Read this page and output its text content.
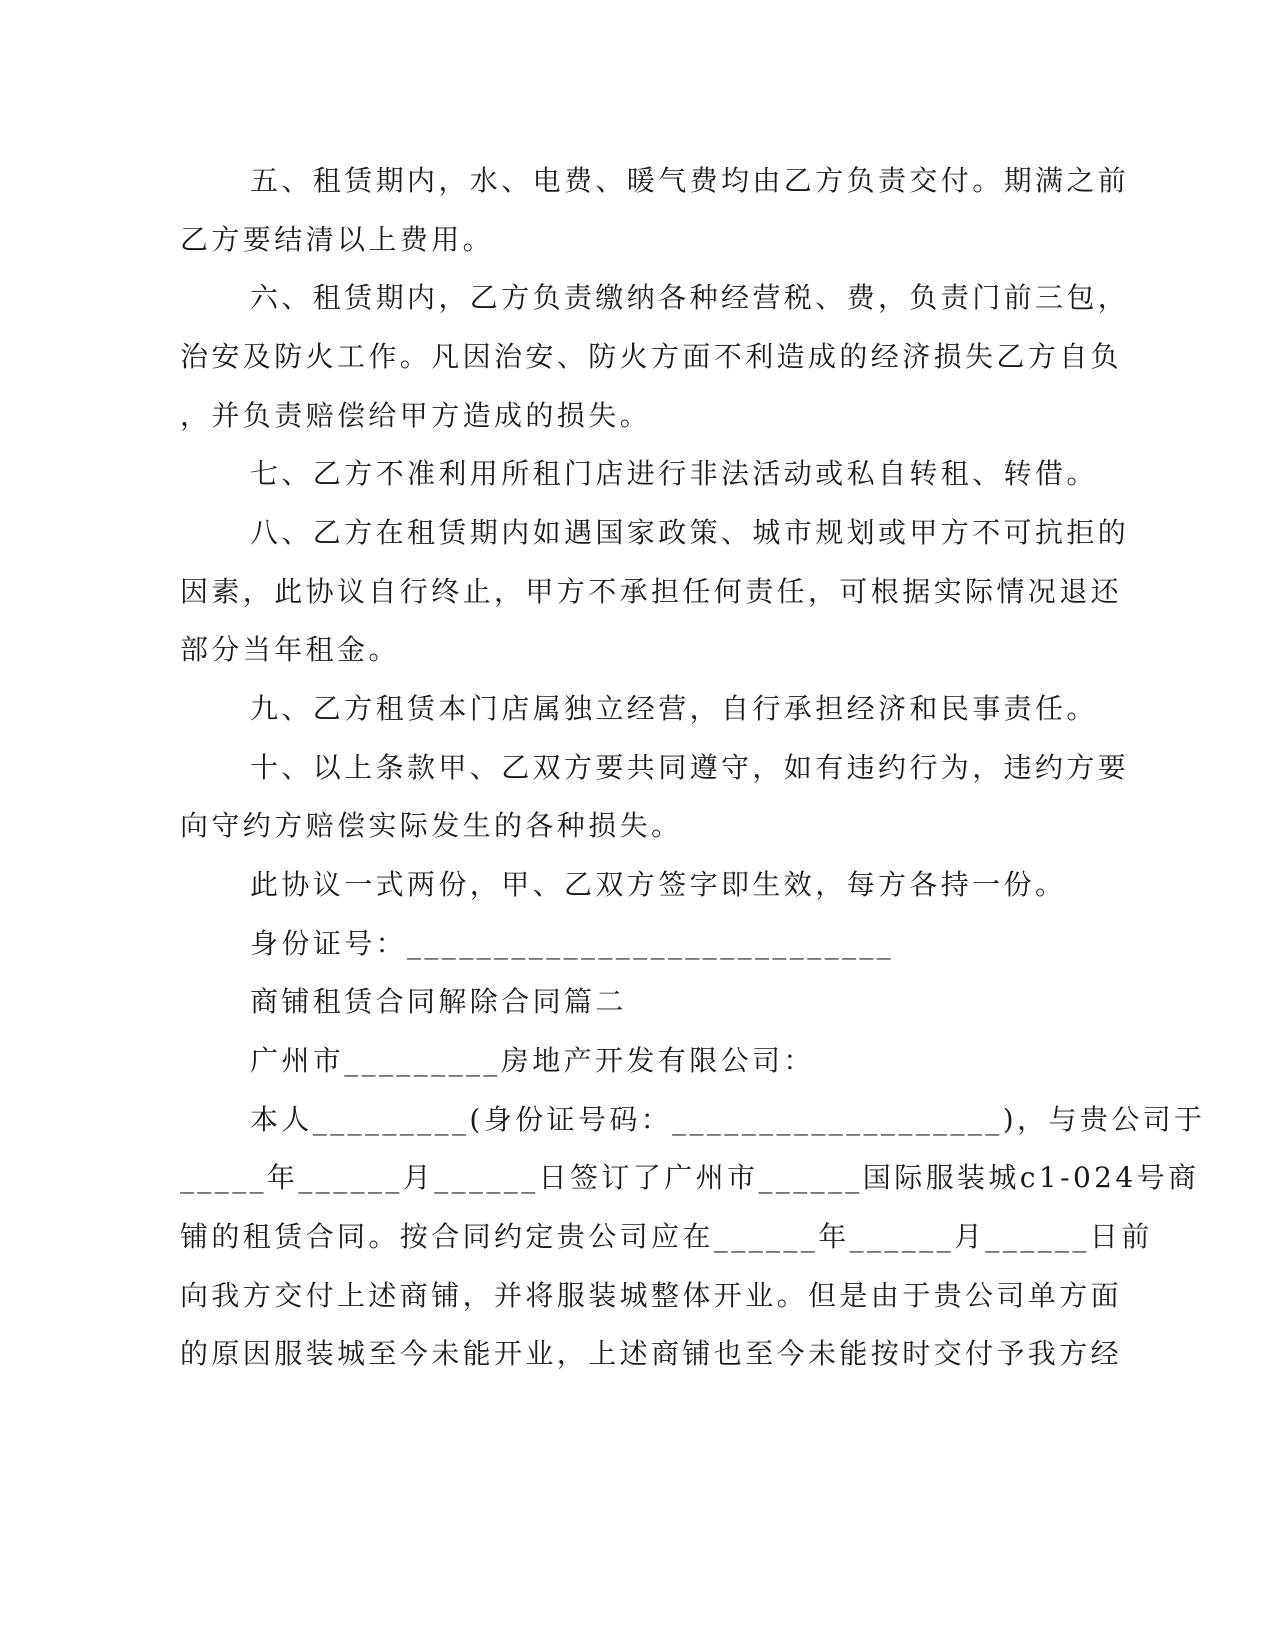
五、租赁期内，水、电费、暖气费均由乙方负责交付。期满之前
乙方要结清以上费用。
六、租赁期内，乙方负责缴纳各种经营税、费，负责门前三包，
治安及防火工作。凡因治安、防火方面不利造成的经济损失乙方自负
，并负责赔偿给甲方造成的损失。
七、乙方不准利用所租门店进行非法活动或私自转租、转借。
八、乙方在租赁期内如遇国家政策、城市规划或甲方不可抗拒的
因素，此协议自行终止，甲方不承担任何责任，可根据实际情况退还
部分当年租金。
九、乙方租赁本门店属独立经营，自行承担经济和民事责任。
十、以上条款甲、乙双方要共同遵守，如有违约行为，违约方要
向守约方赔偿实际发生的各种损失。
此协议一式两份，甲、乙双方签字即生效，每方各持一份。
身份证号：____________________________
商铺租赁合同解除合同篇二
广州市_________房地产开发有限公司：
本人_________(身份证号码：___________________)，与贵公司于
_____年______月______日签订了广州市______国际服装城c1-024号商
铺的租赁合同。按合同约定贵公司应在______年______月______日前
向我方交付上述商铺，并将服装城整体开业。但是由于贵公司单方面
的原因服装城至今未能开业，上述商铺也至今未能按时交付予我方经
